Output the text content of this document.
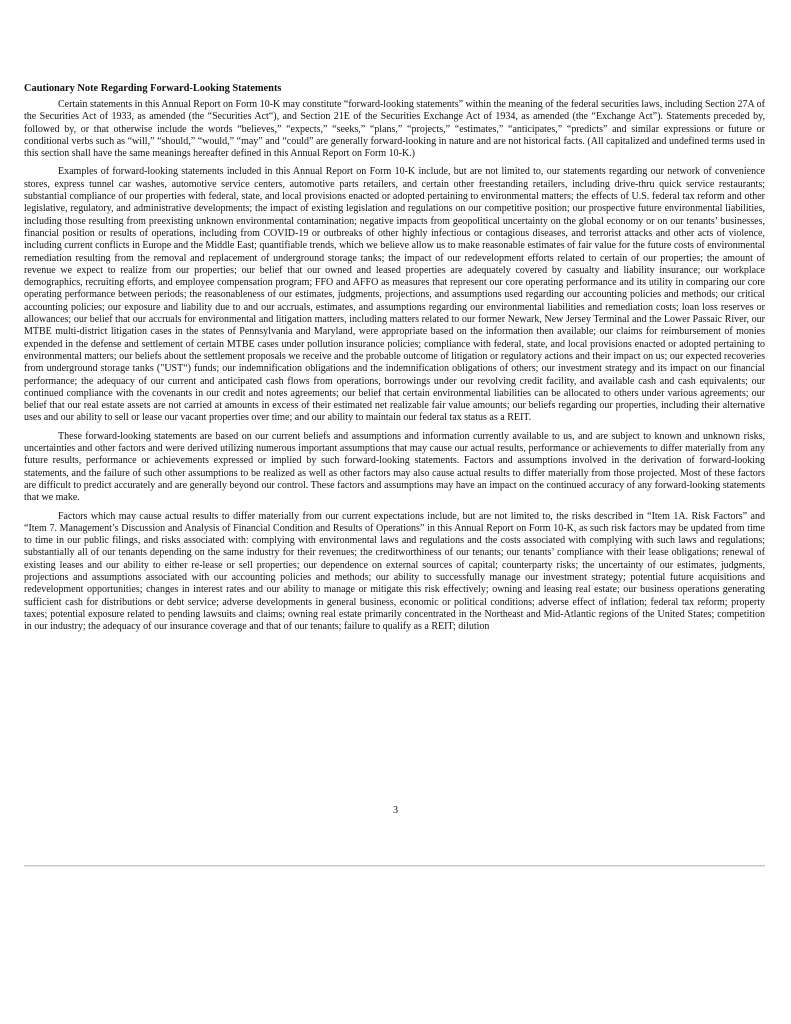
Cautionary Note Regarding Forward-Looking Statements

Certain statements in this Annual Report on Form 10-K may constitute “forward-looking statements” within the meaning of the federal securities laws, including Section 27A of the Securities Act of 1933, as amended (the “Securities Act“), and Section 21E of the Securities Exchange Act of 1934, as amended (the “Exchange Act”). Statements preceded by, followed by, or that otherwise include the words “believes,” “expects,” “seeks,” “plans,” “projects,” “estimates,” “anticipates,” “predicts” and similar expressions or future or conditional verbs such as “will,” “should,” “would,” “may” and “could” are generally forward-looking in nature and are not historical facts. (All capitalized and undefined terms used in this section shall have the same meanings hereafter defined in this Annual Report on Form 10-K.)

Examples of forward-looking statements included in this Annual Report on Form 10-K include, but are not limited to, our statements regarding our network of convenience stores, express tunnel car washes, automotive service centers, automotive parts retailers, and certain other freestanding retailers, including drive-thru quick service restaurants; substantial compliance of our properties with federal, state, and local provisions enacted or adopted pertaining to environmental matters; the effects of U.S. federal tax reform and other legislative, regulatory, and administrative developments; the impact of existing legislation and regulations on our competitive position; our prospective future environmental liabilities, including those resulting from preexisting unknown environmental contamination; negative impacts from geopolitical uncertainty on the global economy or on our tenants’ businesses, financial position or results of operations, including from COVID-19 or outbreaks of other highly infectious or contagious diseases, and terrorist attacks and other acts of violence, including current conflicts in Europe and the Middle East; quantifiable trends, which we believe allow us to make reasonable estimates of fair value for the future costs of environmental remediation resulting from the removal and replacement of underground storage tanks; the impact of our redevelopment efforts related to certain of our properties; the amount of revenue we expect to realize from our properties; our belief that our owned and leased properties are adequately covered by casualty and liability insurance; our workplace demographics, recruiting efforts, and employee compensation program; FFO and AFFO as measures that represent our core operating performance and its utility in comparing our core operating performance between periods; the reasonableness of our estimates, judgments, projections, and assumptions used regarding our accounting policies and methods; our critical accounting policies; our exposure and liability due to and our accruals, estimates, and assumptions regarding our environmental liabilities and remediation costs; loan loss reserves or allowances; our belief that our accruals for environmental and litigation matters, including matters related to our former Newark, New Jersey Terminal and the Lower Passaic River, our MTBE multi-district litigation cases in the states of Pennsylvania and Maryland, were appropriate based on the information then available; our claims for reimbursement of monies expended in the defense and settlement of certain MTBE cases under pollution insurance policies; compliance with federal, state, and local provisions enacted or adopted pertaining to environmental matters; our beliefs about the settlement proposals we receive and the probable outcome of litigation or regulatory actions and their impact on us; our expected recoveries from underground storage tanks ("UST“) funds; our indemnification obligations and the indemnification obligations of others; our investment strategy and its impact on our financial performance; the adequacy of our current and anticipated cash flows from operations, borrowings under our revolving credit facility, and available cash and cash equivalents; our continued compliance with the covenants in our credit and notes agreements; our belief that certain environmental liabilities can be allocated to others under various agreements; our belief that our real estate assets are not carried at amounts in excess of their estimated net realizable fair value amounts; our beliefs regarding our properties, including their alternative uses and our ability to sell or lease our vacant properties over time; and our ability to maintain our federal tax status as a REIT.

These forward-looking statements are based on our current beliefs and assumptions and information currently available to us, and are subject to known and unknown risks, uncertainties and other factors and were derived utilizing numerous important assumptions that may cause our actual results, performance or achievements to differ materially from any future results, performance or achievements expressed or implied by such forward-looking statements. Factors and assumptions involved in the derivation of forward-looking statements, and the failure of such other assumptions to be realized as well as other factors may also cause actual results to differ materially from those projected. Most of these factors are difficult to predict accurately and are generally beyond our control. These factors and assumptions may have an impact on the continued accuracy of any forward-looking statements that we make.

Factors which may cause actual results to differ materially from our current expectations include, but are not limited to, the risks described in “Item 1A. Risk Factors” and “Item 7. Management’s Discussion and Analysis of Financial Condition and Results of Operations” in this Annual Report on Form 10-K, as such risk factors may be updated from time to time in our public filings, and risks associated with: complying with environmental laws and regulations and the costs associated with complying with such laws and regulations; substantially all of our tenants depending on the same industry for their revenues; the creditworthiness of our tenants; our tenants’ compliance with their lease obligations; renewal of existing leases and our ability to either re-lease or sell properties; our dependence on external sources of capital; counterparty risks; the uncertainty of our estimates, judgments, projections and assumptions associated with our accounting policies and methods; our ability to successfully manage our investment strategy; potential future acquisitions and redevelopment opportunities; changes in interest rates and our ability to manage or mitigate this risk effectively; owning and leasing real estate; our business operations generating sufficient cash for distributions or debt service; adverse developments in general business, economic or political conditions; adverse effect of inflation; federal tax reform; property taxes; potential exposure related to pending lawsuits and claims; owning real estate primarily concentrated in the Northeast and Mid-Atlantic regions of the United States; competition in our industry; the adequacy of our insurance coverage and that of our tenants; failure to qualify as a REIT; dilution

3
